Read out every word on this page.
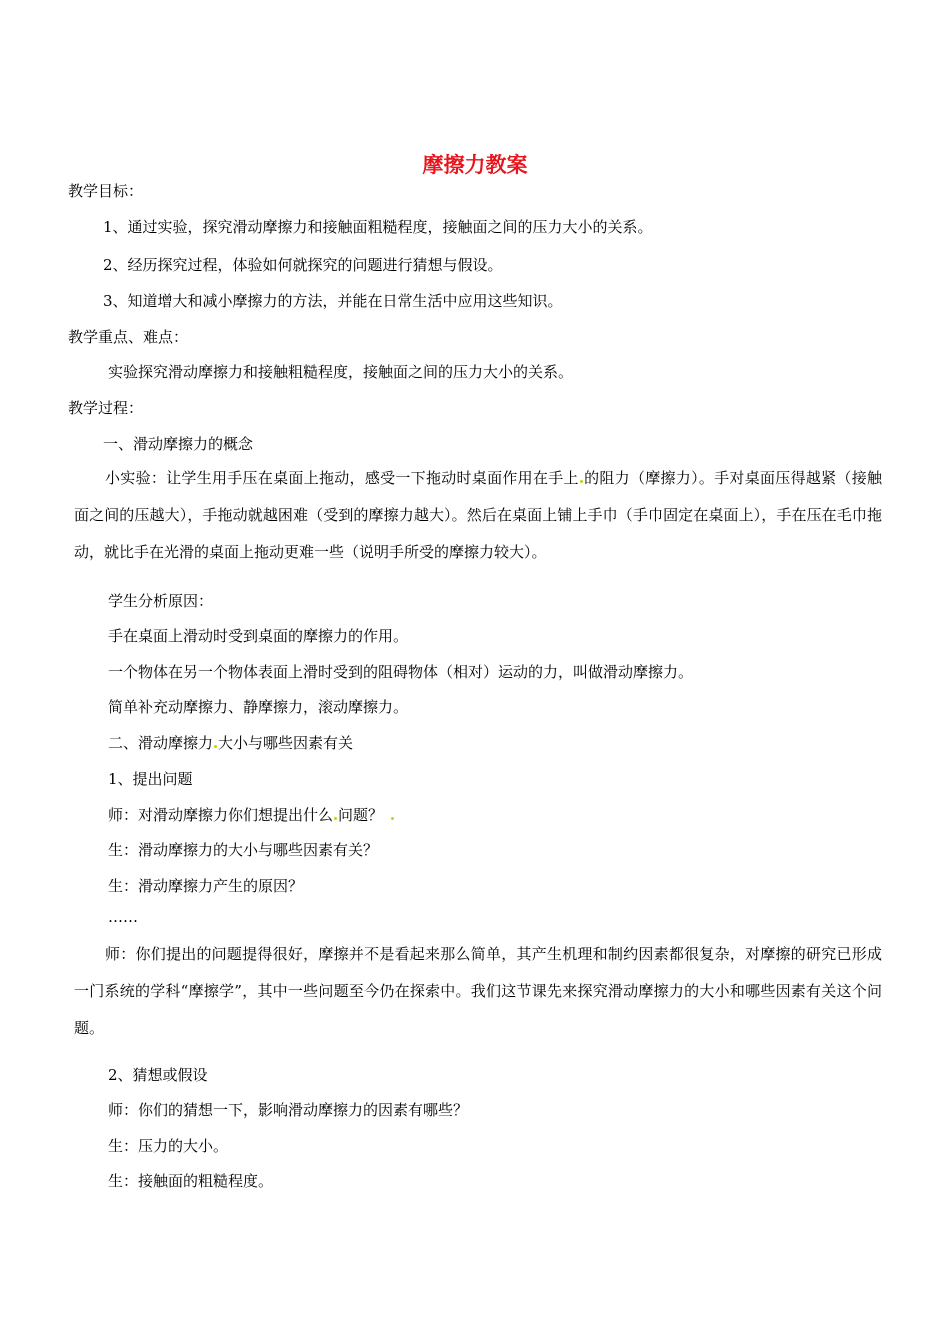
摩擦力教案
教学目标：
1、通过实验，探究滑动摩擦力和接触面粗糙程度，接触面之间的压力大小的关系。
2、经历探究过程，体验如何就探究的问题进行猜想与假设。
3、知道增大和减小摩擦力的方法，并能在日常生活中应用这些知识。
教学重点、难点：
实验探究滑动摩擦力和接触粗糙程度，接触面之间的压力大小的关系。
教学过程：
一、滑动摩擦力的概念
小实验：让学生用手压在桌面上拖动，感受一下拖动时桌面作用在手上 的阻力（摩擦力）。手对桌面压得越紧（接触面之间的压越大），手拖动就越困难（受到的摩擦力越大）。然后在桌面上铺上手巾（手巾固定在桌面上），手在压在毛巾拖动，就比手在光滑的桌面上拖动更难一些（说明手所受的摩擦力较大）。
学生分析原因：
手在桌面上滑动时受到桌面的摩擦力的作用。
一个物体在另一个物体表面上滑时受到的阻碍物体（相对）运动的力，叫做滑动摩擦力。
简单补充动摩擦力、静摩擦力，滚动摩擦力。
二、滑动摩擦力 大小与哪些因素有关
1、提出问题
师：对滑动摩擦力你们想提出什么 问题？
生：滑动摩擦力的大小与哪些因素有关？
生：滑动摩擦力产生的原因？
……
师：你们提出的问题提得很好，摩擦并不是看起来那么简单，其产生机理和制约因素都很复杂，对摩擦的研究已形成一门系统的学科“摩擦学”，其中一些问题至今仍在探索中。我们这节课先来探究滑动摩擦力的大小和哪些因素有关这个问题。
2、猜想或假设
师：你们的猜想一下，影响滑动摩擦力的因素有哪些？
生：压力的大小。
生：接触面的粗糙程度。
